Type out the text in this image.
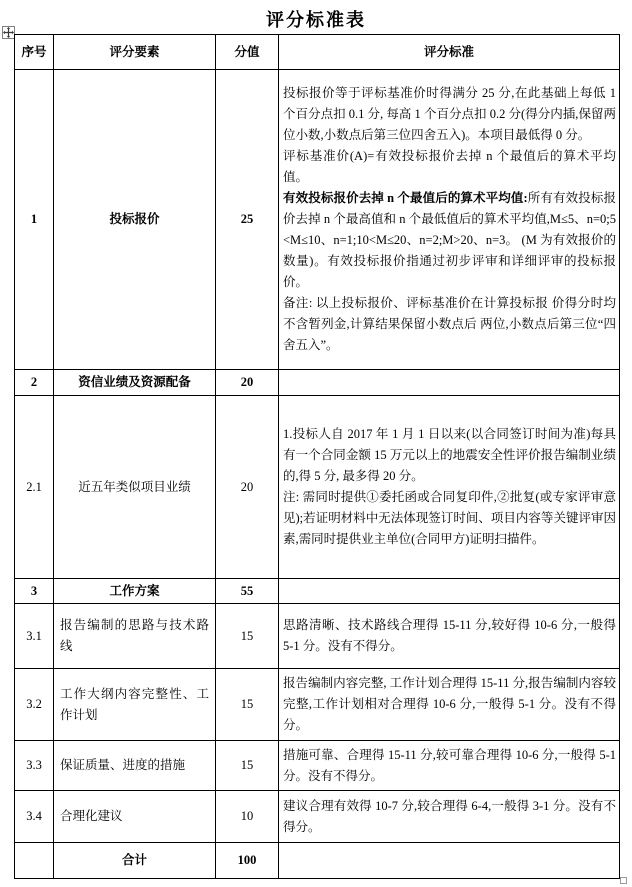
评分标准表
序号	评分要素	分值	评分标准
1	投标报价	25	投标报价等于评标基准价时得满分 25 分,在此基础上每低 1 个百分点扣 0.1 分, 每高 1 个百分点扣 0.2 分(得分内插,保留两位小数,小数点后第三位四舍五入)。本项目最低得 0 分。

评标基准价(A)=有效投标报价去掉 n 个最值后的算术平均值。

有效投标报价去掉 n 个最值后的算术平均值:所有有效投标报价去掉 n 个最高值和 n 个最低值后的算术平均值,M≤5、n=0;5 <M≤10、n=1;10<M≤20、n=2;M>20、n=3。 (M 为有效报价的数量)。有效投标报价指通过初步评审和详细评审的投标报价。

备注: 以上投标报价、评标基准价在计算投标报 价得分时均不含暂列金,计算结果保留小数点后 两位,小数点后第三位“四舍五入”。

2	资信业绩及资源配备	20	
2.1	近五年类似项目业绩	20	1.投标人自 2017 年 1 月 1 日以来(以合同签订时间为准)每具有一个合同金额 15 万元以上的地震安全性评价报告编制业绩的,得 5 分, 最多得 20 分。

注: 需同时提供①委托函或合同复印件,②批复(或专家评审意见);若证明材料中无法体现签订时间、项目内容等关键评审因素,需同时提供业主单位(合同甲方)证明扫描件。

3	工作方案	55	
3.1	报告编制的思路与技术路线	15	思路清晰、技术路线合理得 15-11 分,较好得 10-6 分,一般得 5-1 分。没有不得分。
3.2	工作大纲内容完整性、工作计划	15	报告编制内容完整, 工作计划合理得 15-11 分,报告编制内容较完整,工作计划相对合理得 10-6 分,一般得 5-1 分。没有不得分。
3.3	保证质量、进度的措施	15	措施可靠、合理得 15-11 分,较可靠合理得 10-6 分,一般得 5-1 分。没有不得分。
3.4	合理化建议	10	建议合理有效得 10-7 分,较合理得 6-4,一般得 3-1 分。没有不得分。
	合计	100	
